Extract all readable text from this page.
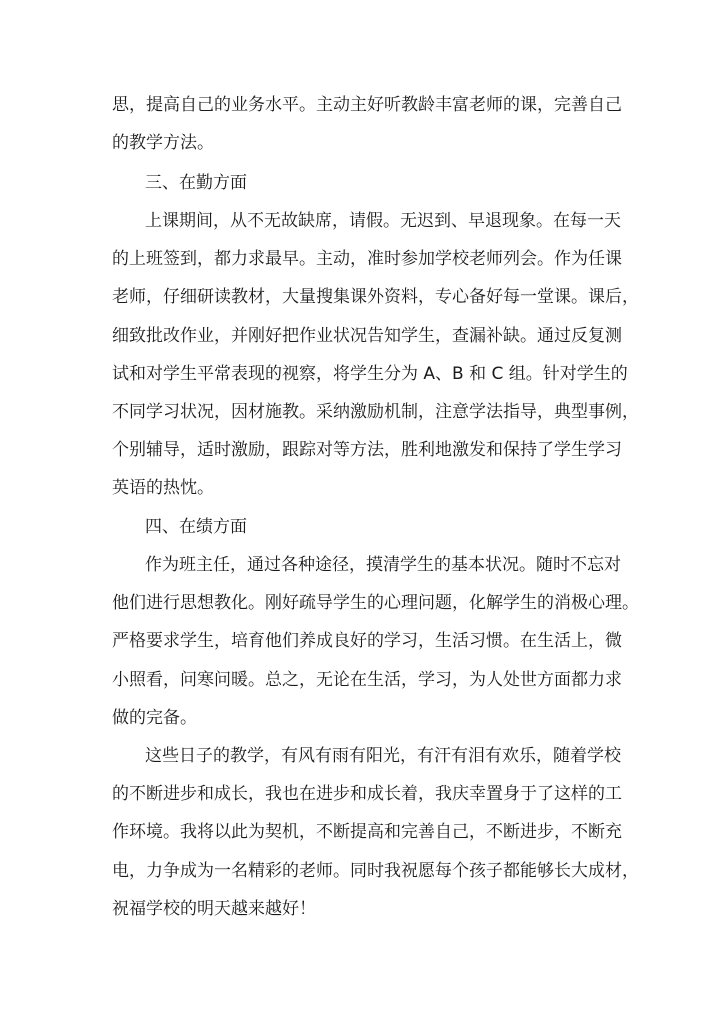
思，提高自己的业务水平。主动主好听教龄丰富老师的课，完善自己
的教学方法。
三、在勤方面
上课期间，从不无故缺席，请假。无迟到、早退现象。在每一天
的上班签到，都力求最早。主动，准时参加学校老师列会。作为任课
老师，仔细研读教材，大量搜集课外资料，专心备好每一堂课。课后，
细致批改作业，并刚好把作业状况告知学生，查漏补缺。通过反复测
试和对学生平常表现的视察，将学生分为 A、B 和 C 组。针对学生的
不同学习状况，因材施教。采纳激励机制，注意学法指导，典型事例，
个别辅导，适时激励，跟踪对等方法，胜利地激发和保持了学生学习
英语的热忱。
四、在绩方面
作为班主任，通过各种途径，摸清学生的基本状况。随时不忘对
他们进行思想教化。刚好疏导学生的心理问题，化解学生的消极心理。
严格要求学生，培育他们养成良好的学习，生活习惯。在生活上，微
小照看，问寒问暖。总之，无论在生活，学习，为人处世方面都力求
做的完备。
这些日子的教学，有风有雨有阳光，有汗有泪有欢乐，随着学校
的不断进步和成长，我也在进步和成长着，我庆幸置身于了这样的工
作环境。我将以此为契机，不断提高和完善自己，不断进步，不断充
电，力争成为一名精彩的老师。同时我祝愿每个孩子都能够长大成材，
祝福学校的明天越来越好！
